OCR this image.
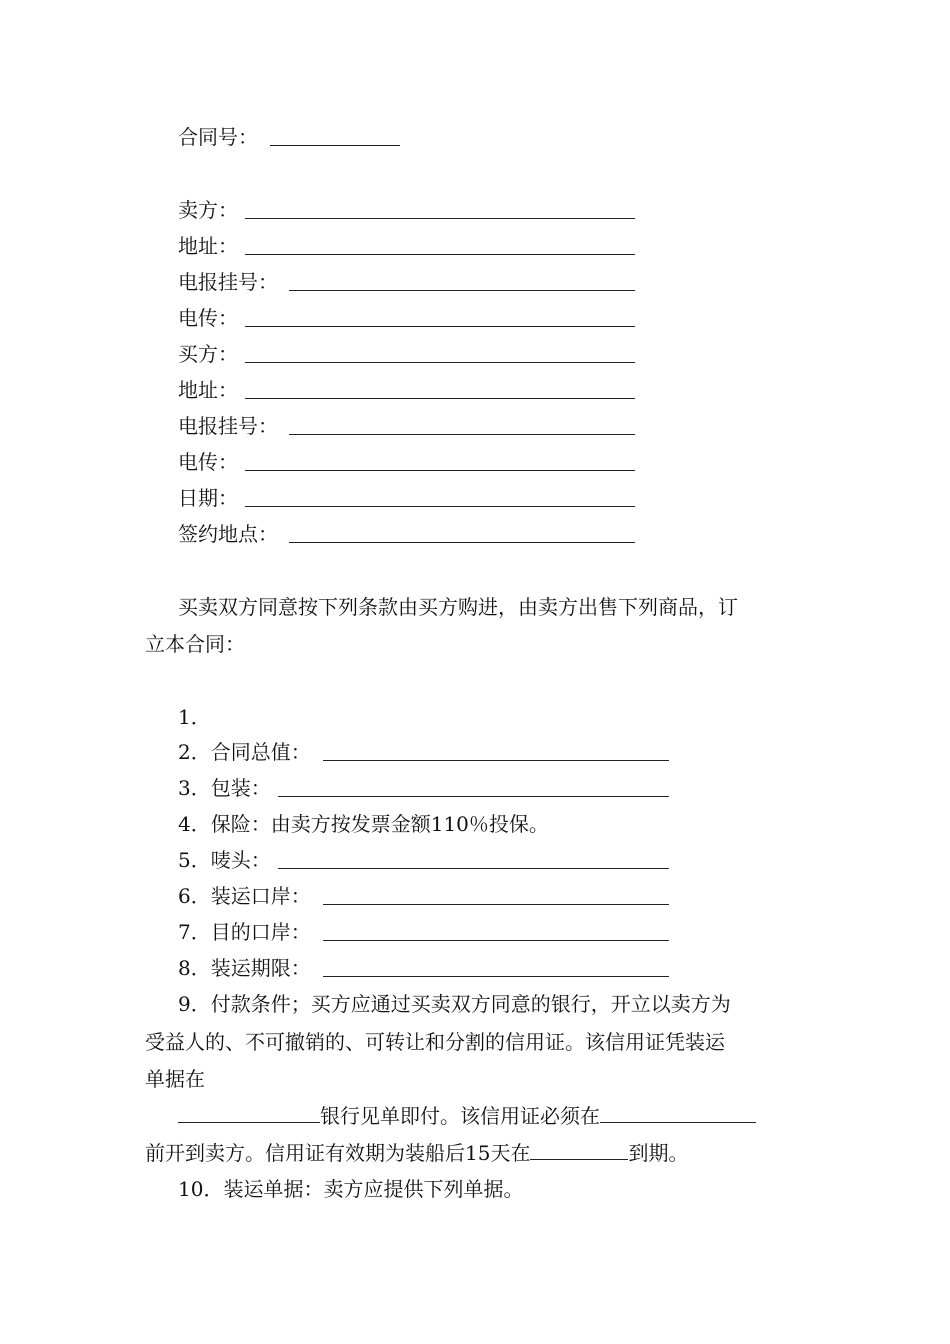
合同号：
卖方：
地址：
电报挂号：
电传：
买方：
地址：
电报挂号：
电传：
日期：
签约地点：
买卖双方同意按下列条款由买方购进，由卖方出售下列商品，订
立本合同：
1．
2．合同总值：
3．包装：
4．保险：由卖方按发票金额110％投保。
5．唛头：
6．装运口岸：
7．目的口岸：
8．装运期限：
9．付款条件；买方应通过买卖双方同意的银行，开立以卖方为
受益人的、不可撤销的、可转让和分割的信用证。该信用证凭装运
单据在
银行见单即付。该信用证必须在
前开到卖方。信用证有效期为装船后15天在	到期。
10．装运单据：卖方应提供下列单据。
